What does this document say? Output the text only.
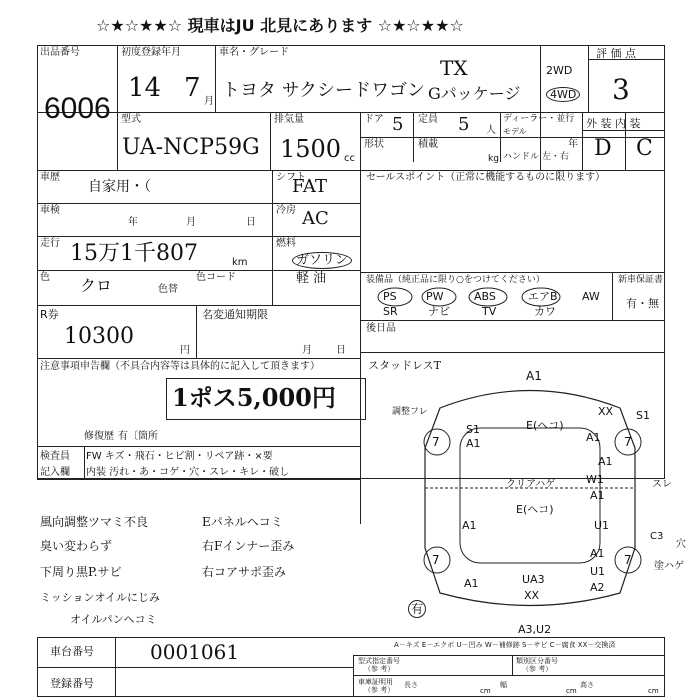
☆★☆★★☆ 現車はJU 北見にあります ☆★☆★★☆
出品番号
6006
初度登録年月
14 7 月
車名・グレード
トヨタ サクシードワゴン
TX
Gパッケージ
2WD
4WD
評 価 点
3
型式
UA-NCP59G
排気量
1500 cc
ドア 5 定員 5 人
ディーラー・並行
モデル
年
形状	積載
kg ハンドル 左・右
外 装 内 装
D C
車歴
自家用・（
シフト
FAT
車検
年	月	日
冷房 AC
走行 15万1千807	km
燃料
ガソリン
軽 油
色 クロ	色替
色コード
R券
10300
円
名変通知期限
月 日
セールスポイント（正常に機能するものに限ります）
装備品（純正品に限り○をつけてください）	新車保証書
有・無
PS	PW	ABS	エアB AW
SR	ナビ	TV	カワ
後日品
注意事項申告欄（不具合内容等は具体的に記入して頂きます）
1ポス5,000円
修復歴 有〔箇所
検査員
記入欄
FW キズ・飛石・ヒビ割・リペア跡・×要
内装 汚れ・あ・コゲ・穴・スレ・キレ・破し
風向調整ツマミ不良	Eパネルヘコミ
臭い変わらず	右Fインナー歪み
下周り黒P.サビ	右コアサポ歪み
ミッションオイルにじみ
オイルパンヘコミ
スタッドレスT
A1
調整フレ
S1
XX S1
A1	A1
E(ヘコ)
A1
W1
A1
スレ
クリアハゲ
E(ヘコ)
A1	U1
C3
穴
塗ハゲ
UA3
XX
U1
A2
A1
A1
A3,U2
7	7
7	7
有
A－キズ E－エクボ U－凹み W－補修跡 S－サビ C－腐食 XX－交換済
車台番号	0001061
登録番号
型式指定番号
（参 考）
類別区分番号
（参 考）
車庫証明用
（参 考）
長さ
cm
幅
cm
高さ
cm
